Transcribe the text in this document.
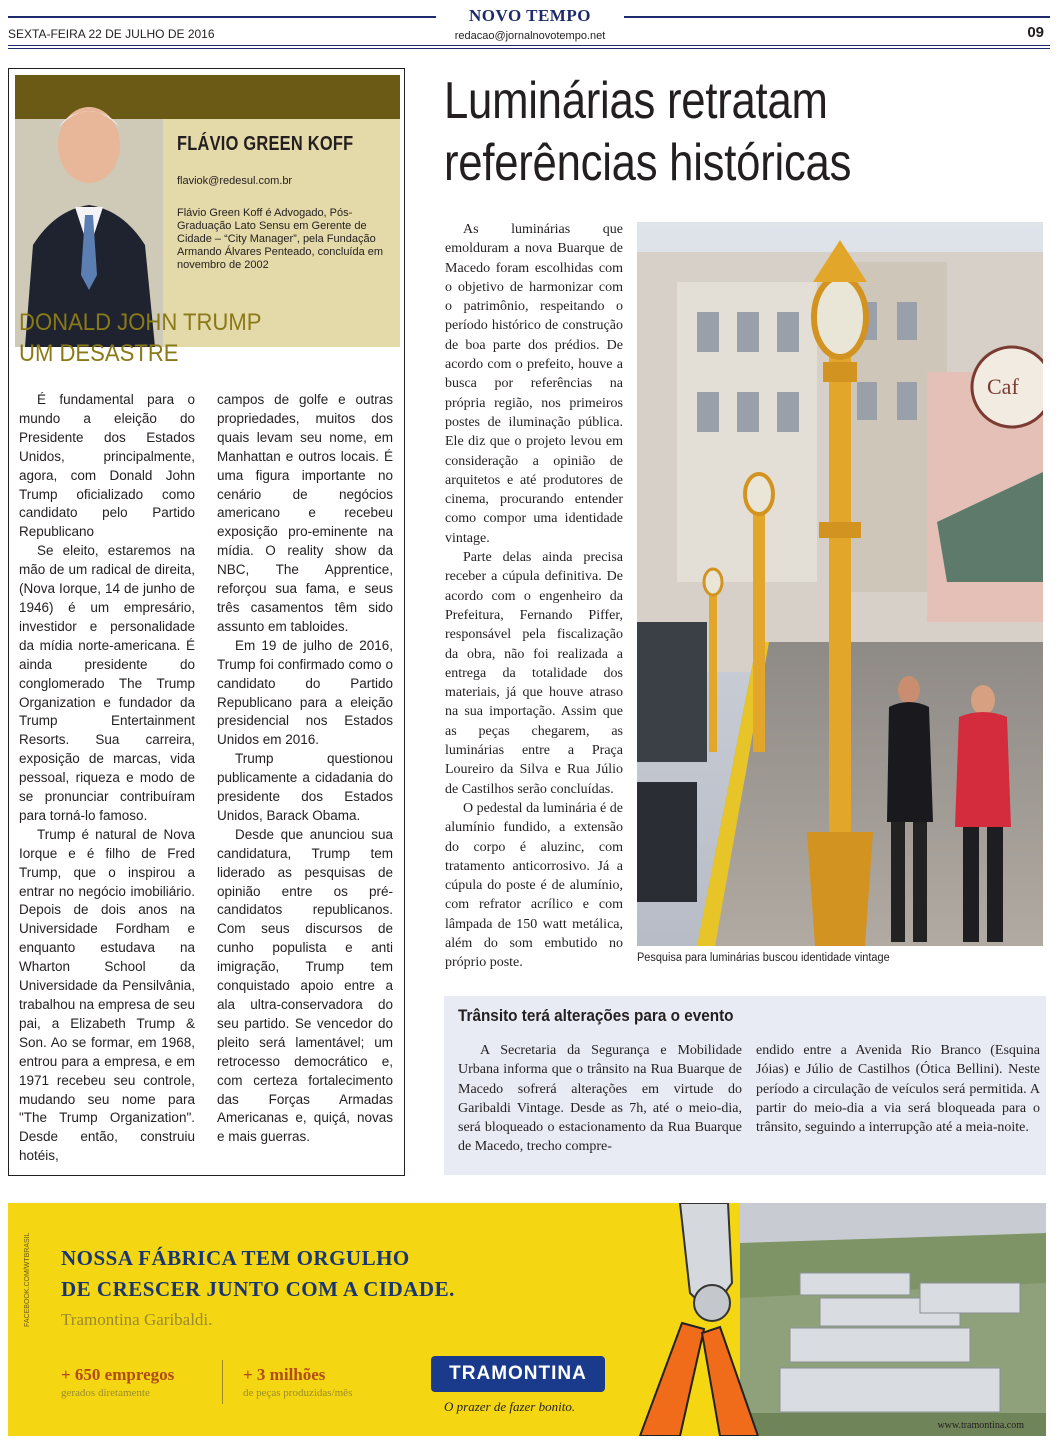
NOVO TEMPO
SEXTA-FEIRA 22 DE JULHO DE 2016	redacao@jornalnovotempo.net	09
FLÁVIO GREEN KOFF
flaviok@redesul.com.br
Flávio Green Koff é Advogado, Pós-Graduação Lato Sensu em Gerente de Cidade – “City Manager”, pela Fundação Armando Álvares Penteado, concluída em novembro de 2002
DONALD JOHN TRUMP
UM DESASTRE

É fundamental para o mundo a eleição do Presidente dos Estados Unidos, principalmente, agora, com Donald John Trump oficializado como candidato pelo Partido Republicano

Se eleito, estaremos na mão de um radical de direita, (Nova Iorque, 14 de junho de 1946) é um empresário, investidor e personalidade da mídia norte-americana. É ainda presidente do conglomerado The Trump Organization e fundador da Trump Entertainment Resorts. Sua carreira, exposição de marcas, vida pessoal, riqueza e modo de se pronunciar contribuíram para torná-lo famoso.

Trump é natural de Nova Iorque e é filho de Fred Trump, que o inspirou a entrar no negócio imobiliário. Depois de dois anos na Universidade Fordham e enquanto estudava na Wharton School da Universidade da Pensilvânia, trabalhou na empresa de seu pai, a Elizabeth Trump & Son. Ao se formar, em 1968, entrou para a empresa, e em 1971 recebeu seu controle, mudando seu nome para "The Trump Organization". Desde então, construiu hotéis,

campos de golfe e outras propriedades, muitos dos quais levam seu nome, em Manhattan e outros locais. É uma figura importante no cenário de negócios americano e recebeu exposição pro-eminente na mídia. O reality show da NBC, The Apprentice, reforçou sua fama, e seus três casamentos têm sido assunto em tabloides.

Em 19 de julho de 2016, Trump foi confirmado como o candidato do Partido Republicano para a eleição presidencial nos Estados Unidos em 2016.

Trump questionou publicamente a cidadania do presidente dos Estados Unidos, Barack Obama.

Desde que anunciou sua candidatura, Trump tem liderado as pesquisas de opinião entre os pré-candidatos republicanos. Com seus discursos de cunho populista e anti imigração, Trump tem conquistado apoio entre a ala ultra-conservadora do seu partido. Se vencedor do pleito será lamentável; um retrocesso democrático e, com certeza fortalecimento das Forças Armadas Americanas e, quiçá, novas e mais guerras.

Luminárias retratam
referências históricas

As luminárias que emolduram a nova Buarque de Macedo foram escolhidas com o objetivo de harmonizar com o patrimônio, respeitando o período histórico de construção de boa parte dos prédios. De acordo com o prefeito, houve a busca por referências na própria região, nos primeiros postes de iluminação pública. Ele diz que o projeto levou em consideração a opinião de arquitetos e até produtores de cinema, procurando entender como compor uma identidade vintage.

Parte delas ainda precisa receber a cúpula definitiva. De acordo com o engenheiro da Prefeitura, Fernando Piffer, responsável pela fiscalização da obra, não foi realizada a entrega da totalidade dos materiais, já que houve atraso na sua importação. Assim que as peças chegarem, as luminárias entre a Praça Loureiro da Silva e Rua Júlio de Castilhos serão concluídas.

O pedestal da luminária é de alumínio fundido, a extensão do corpo é aluzinc, com tratamento anticorrosivo. Já a cúpula do poste é de alumínio, com refrator acrílico e com lâmpada de 150 watt metálica, além do som embutido no próprio poste.

Caf
Pesquisa para luminárias buscou identidade vintage
Trânsito terá alterações para o evento
A Secretaria da Segurança e Mobilidade Urbana informa que o trânsito na Rua Buarque de Macedo sofrerá alterações em virtude do Garibaldi Vintage. Desde as 7h, até o meio-dia, será bloqueado o estacionamento da Rua Buarque de Macedo, trecho compre-
endido entre a Avenida Rio Branco (Esquina Jóias) e Júlio de Castilhos (Ótica Bellini). Neste período a circulação de veículos será permitida. A partir do meio-dia a via será bloqueada para o trânsito, seguindo a interrupção até a meia-noite.
FACEBOOK.COM/WTBRASIL NOSSA FÁBRICA TEM ORGULHO
DE CRESCER JUNTO COM A CIDADE.
Tramontina Garibaldi.
+ 650 empregos
gerados diretamente
+ 3 milhões
de peças produzidas/mês
TRAMONTINA
O prazer de fazer bonito.
www.tramontina.com
